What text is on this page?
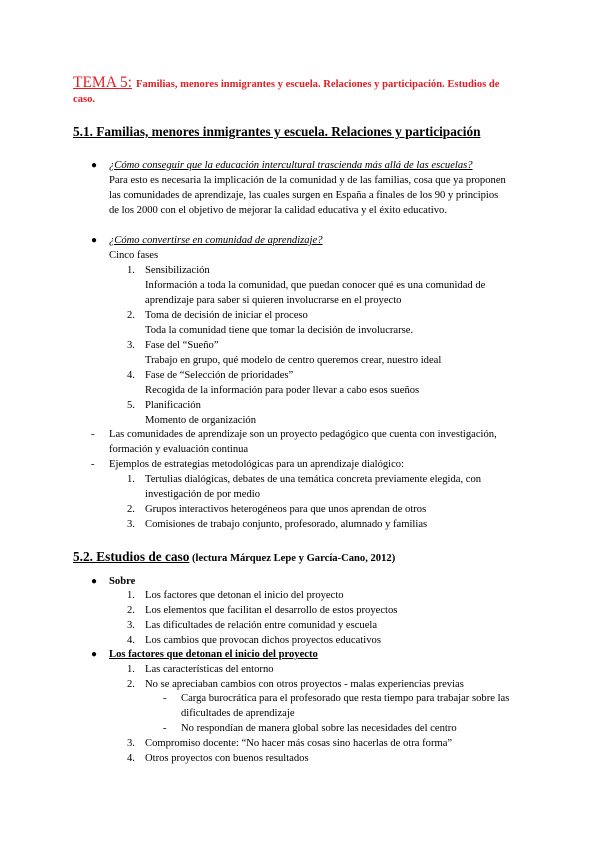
TEMA 5: Familias, menores inmigrantes y escuela. Relaciones y participación. Estudios de
caso.
5.1. Familias, menores inmigrantes y escuela. Relaciones y participación
● ¿Cómo conseguir que la educación intercultural trascienda más allá de las escuelas?
Para esto es necesaria la implicación de la comunidad y de las familias, cosa que ya proponen
las comunidades de aprendizaje, las cuales surgen en España a finales de los 90 y principios
de los 2000 con el objetivo de mejorar la calidad educativa y el éxito educativo.
● ¿Cómo convertirse en comunidad de aprendizaje?
Cinco fases
1. Sensibilización
Información a toda la comunidad, que puedan conocer qué es una comunidad de
aprendizaje para saber si quieren involucrarse en el proyecto
2. Toma de decisión de iniciar el proceso
Toda la comunidad tiene que tomar la decisión de involucrarse.
3. Fase del “Sueño”
Trabajo en grupo, qué modelo de centro queremos crear, nuestro ideal
4. Fase de “Selección de prioridades”
Recogida de la información para poder llevar a cabo esos sueños
5. Planificación
Momento de organización
- Las comunidades de aprendizaje son un proyecto pedagógico que cuenta con investigación,
formación y evaluación continua
- Ejemplos de estrategias metodológicas para un aprendizaje dialógico:
1. Tertulias dialógicas, debates de una temática concreta previamente elegida, con
investigación de por medio
2. Grupos interactivos heterogéneos para que unos aprendan de otros
3. Comisiones de trabajo conjunto, profesorado, alumnado y familias
5.2. Estudios de caso (lectura Márquez Lepe y García-Cano, 2012)
● Sobre
1. Los factores que detonan el inicio del proyecto
2. Los elementos que facilitan el desarrollo de estos proyectos
3. Las dificultades de relación entre comunidad y escuela
4. Los cambios que provocan dichos proyectos educativos
● Los factores que detonan el inicio del proyecto
1. Las características del entorno
2. No se apreciaban cambios con otros proyectos - malas experiencias previas
- Carga burocrática para el profesorado que resta tiempo para trabajar sobre las
dificultades de aprendizaje
- No respondían de manera global sobre las necesidades del centro
3. Compromiso docente: “No hacer más cosas sino hacerlas de otra forma”
4. Otros proyectos con buenos resultados
